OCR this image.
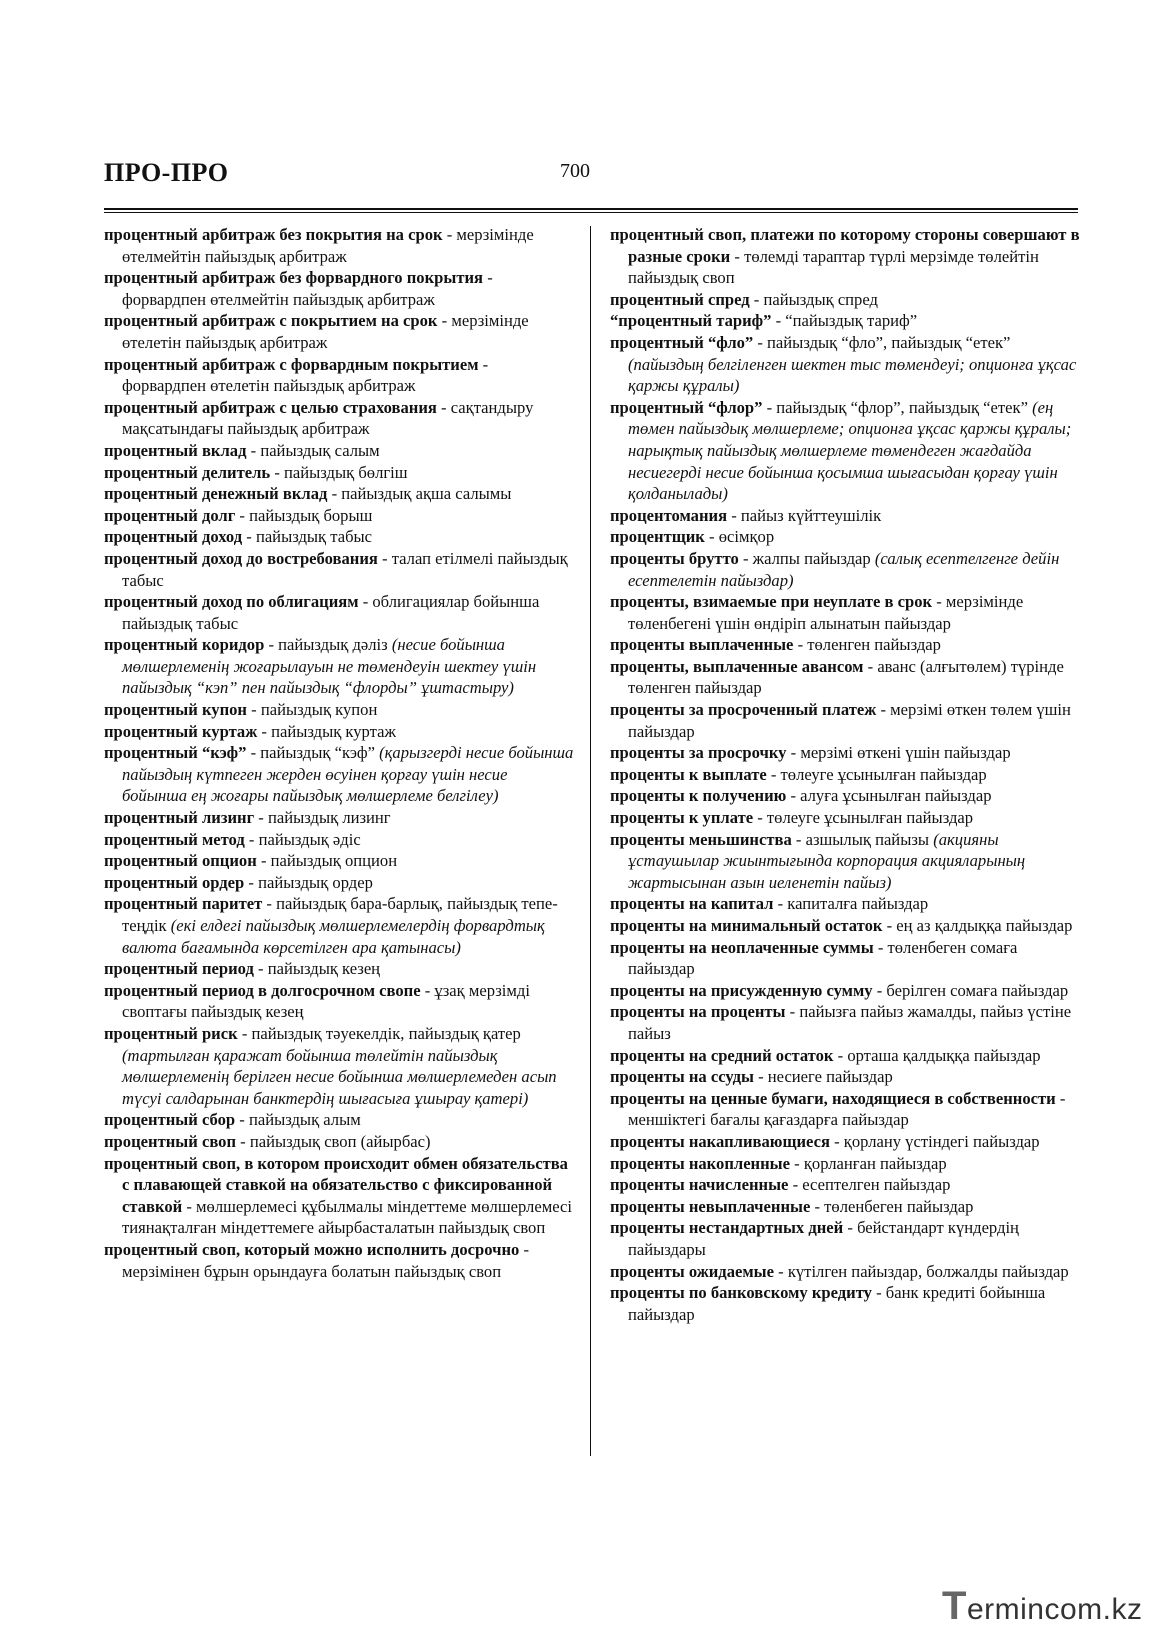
ПРО-ПРО	700
процентный арбитраж без покрытия на срок - мерзімінде өтелмейтін пайыздық арбитраж
процентный арбитраж без форвардного покрытия - форвардпен өтелмейтін пайыздық арбитраж
процентный арбитраж с покрытием на срок - мерзімінде өтелетін пайыздық арбитраж
процентный арбитраж с форвардным покрытием - форвардпен өтелетін пайыздық арбитраж
процентный арбитраж с целью страхования - сақтандыру мақсатындағы пайыздық арбитраж
процентный вклад - пайыздық салым
процентный делитель - пайыздық бөлгіш
процентный денежный вклад - пайыздық ақша салымы
процентный долг - пайыздық борыш
процентный доход - пайыздық табыс
процентный доход до востребования - талап етілмелі пайыздық табыс
процентный доход по облигациям - облигациялар бойынша пайыздық табыс
процентный коридор - пайыздық дәліз (несие бойынша мөлшерлеменің жоғарылауын не төмендеуін шектеу үшін пайыздық “кэп” пен пайыздық “флорды” ұштастыру)
процентный купон - пайыздық купон
процентный куртаж - пайыздық куртаж
процентный “кэф” - пайыздық “кэф” (қарызгерді несие бойынша пайыздың күтпеген жерден өсуінен қорғау үшін несие бойынша ең жоғары пайыздық мөлшерлеме белгілеу)
процентный лизинг - пайыздық лизинг
процентный метод - пайыздық әдіс
процентный опцион - пайыздық опцион
процентный ордер - пайыздық ордер
процентный паритет - пайыздық бара-барлық, пайыздық тепе-теңдік (екі елдегі пайыздық мөлшерлемелердің форвардтық валюта бағамында көрсетілген ара қатынасы)
процентный период - пайыздық кезең
процентный период в долгосрочном свопе - ұзақ мерзімді своптағы пайыздық кезең
процентный риск - пайыздық тәуекелдік, пайыздық қатер (тартылған қаражат бойынша төлейтін пайыздық мөлшерлеменің берілген несие бойынша мөлшерлемеден асып түсуі салдарынан банктердің шығасыға ұшырау қатері)
процентный сбор - пайыздық алым
процентный своп - пайыздық своп (айырбас)
процентный своп, в котором происходит обмен обязательства с плавающей ставкой на обязательство с фиксированной ставкой - мөлшерлемесі құбылмалы міндеттеме мөлшерлемесі тиянақталған міндеттемеге айырбасталатын пайыздық своп
процентный своп, который можно исполнить досрочно - мерзімінен бұрын орындауға болатын пайыздық своп
процентный своп, платежи по которому стороны совершают в разные сроки - төлемді тараптар түрлі мерзімде төлейтін пайыздық своп
процентный спред - пайыздық спред
“процентный тариф” - “пайыздық тариф”
процентный “фло” - пайыздық “фло”, пайыздық “етек” (пайыздың белгіленген шектен тыс төмендеуі; опционға ұқсас қаржы құралы)
процентный “флор” - пайыздық “флор”, пайыздық “етек” (ең төмен пайыздық мөлшерлеме; опционға ұқсас қаржы құралы; нарықтық пайыздық мөлшерлеме төмендеген жағдайда несиегерді несие бойынша қосымша шығасыдан қорғау үшін қолданылады)
процентомания - пайыз күйттеушілік
процентщик - өсімқор
проценты брутто - жалпы пайыздар (салық есептелгенге дейін есептелетін пайыздар)
проценты, взимаемые при неуплате в срок - мерзімінде төленбегені үшін өндіріп алынатын пайыздар
проценты выплаченные - төленген пайыздар
проценты, выплаченные авансом - аванс (алғытөлем) түрінде төленген пайыздар
проценты за просроченный платеж - мерзімі өткен төлем үшін пайыздар
проценты за просрочку - мерзімі өткені үшін пайыздар
проценты к выплате - төлеуге ұсынылған пайыздар
проценты к получению - алуға ұсынылған пайыздар
проценты к уплате - төлеуге ұсынылған пайыздар
проценты меньшинства - азшылық пайызы (акцияны ұстаушылар жиынтығында корпорация акцияларының жартысынан азын иеленетін пайыз)
проценты на капитал - капиталға пайыздар
проценты на минимальный остаток - ең аз қалдыққа пайыздар
проценты на неоплаченные суммы - төленбеген сомаға пайыздар
проценты на присужденную сумму - берілген сомаға пайыздар
проценты на проценты - пайызға пайыз жамалды, пайыз үстіне пайыз
проценты на средний остаток - орташа қалдыққа пайыздар
проценты на ссуды - несиеге пайыздар
проценты на ценные бумаги, находящиеся в собственности - меншіктегі бағалы қағаздарға пайыздар
проценты накапливающиеся - қорлану үстіндегі пайыздар
проценты накопленные - қорланған пайыздар
проценты начисленные - есептелген пайыздар
проценты невыплаченные - төленбеген пайыздар
проценты нестандартных дней - бейстандарт күндердің пайыздары
проценты ожидаемые - күтілген пайыздар, болжалды пайыздар
проценты по банковскому кредиту - банк кредиті бойынша пайыздар
Termincom.kz
